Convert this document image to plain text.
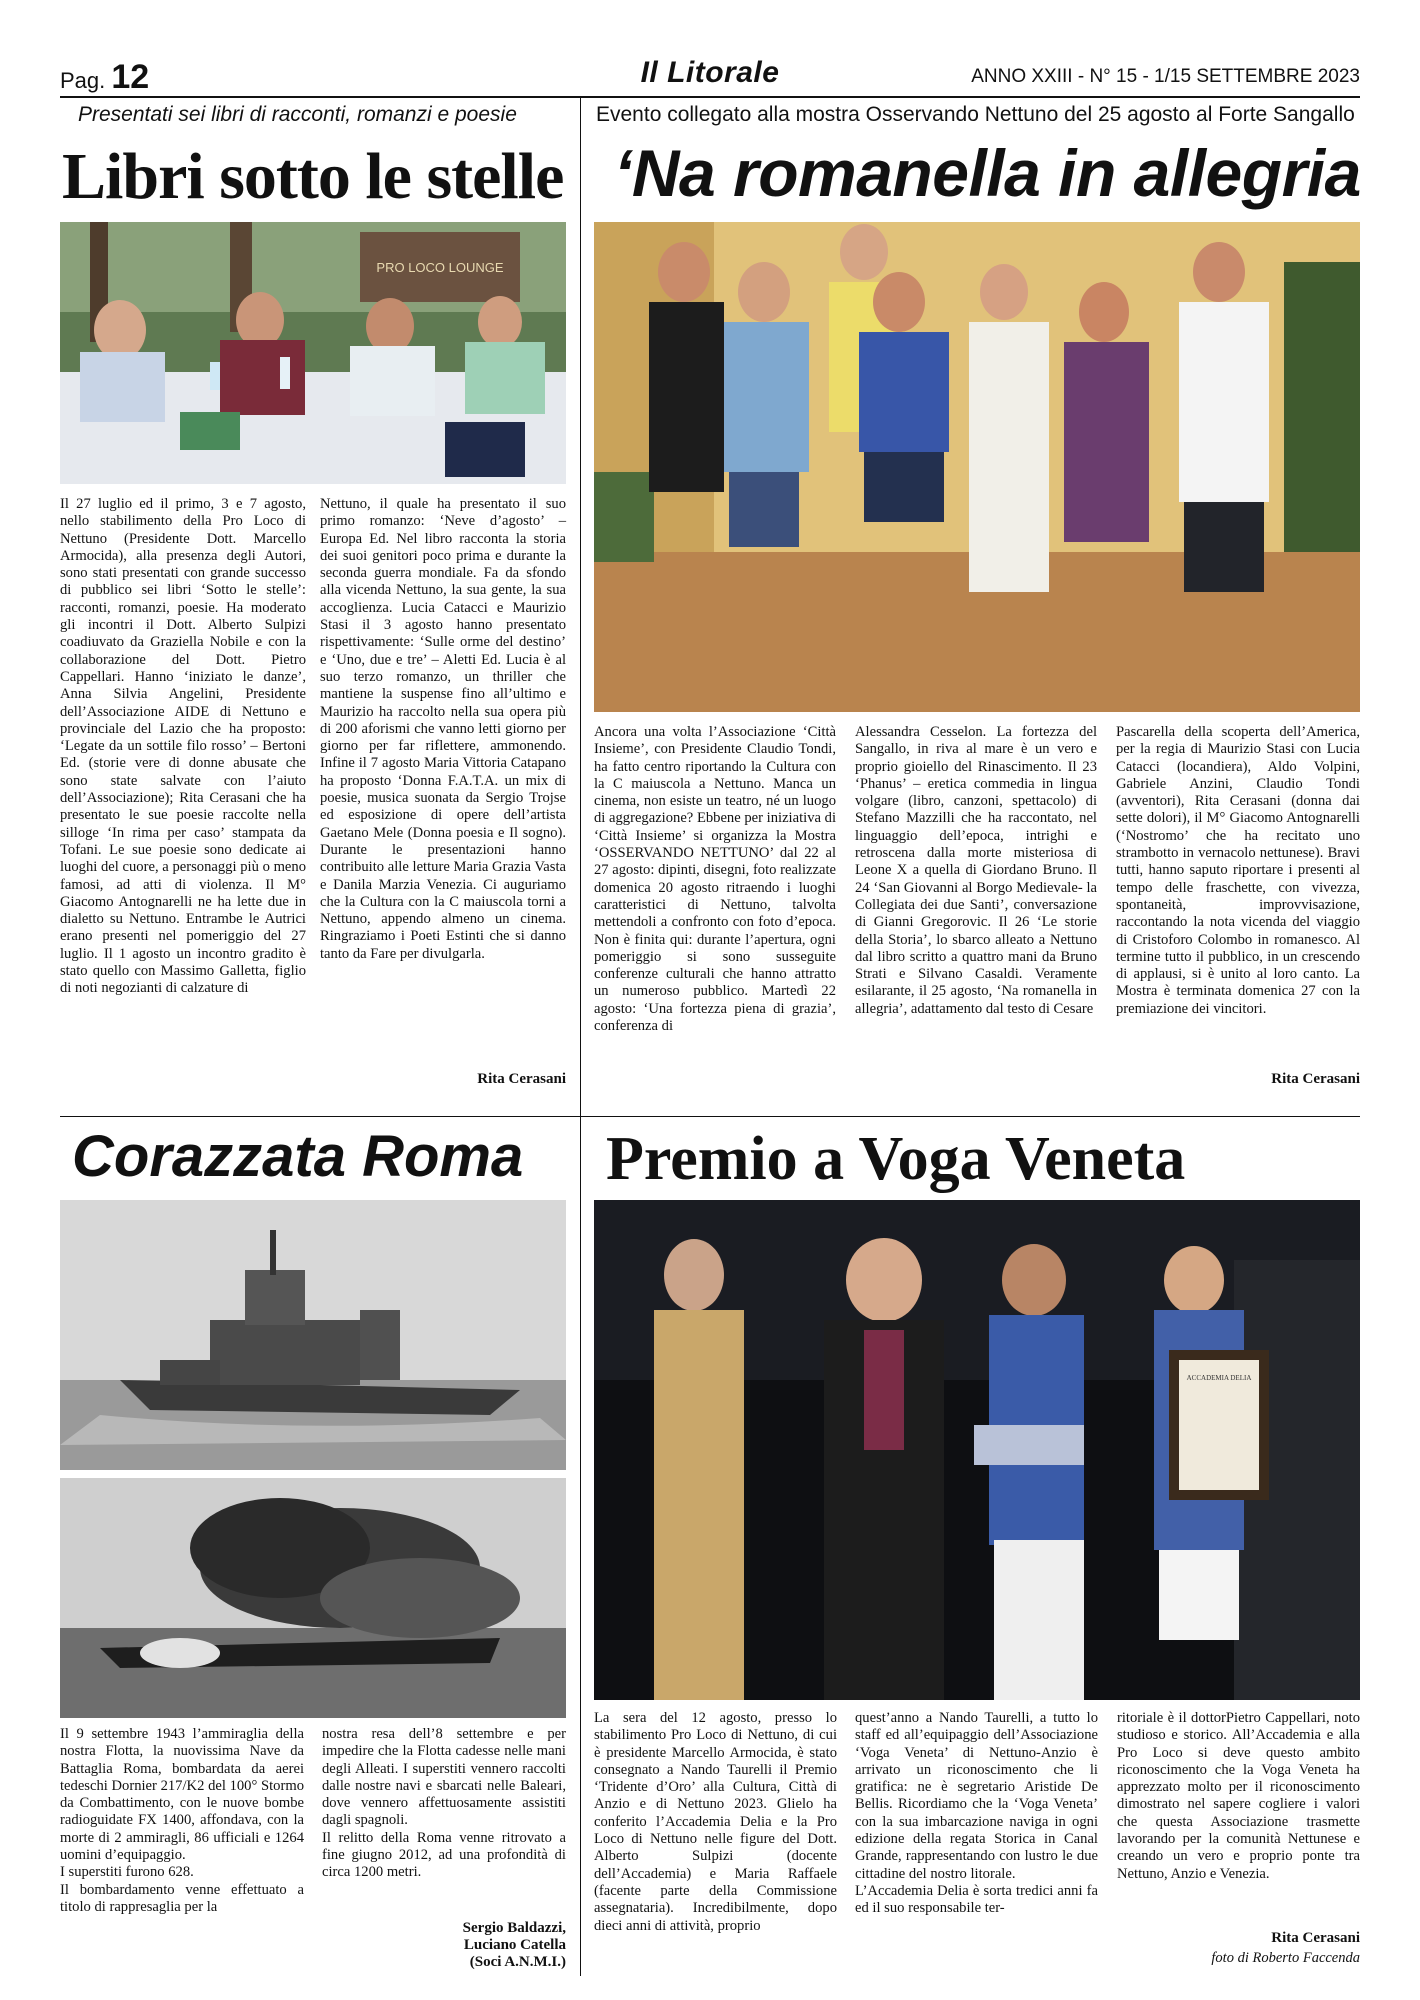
Pag. 12	Il Litorale	ANNO XXIII - N° 15 - 1/15 SETTEMBRE 2023
Presentati sei libri di racconti, romanzi e poesie
Libri sotto le stelle
PRO LOCO LOUNGE

Il 27 luglio ed il primo, 3 e 7 agosto, nello stabilimento della Pro Loco di Nettuno (Presidente Dott. Marcello Armocida), alla presenza degli Autori, sono stati presentati con grande successo di pubblico sei libri ‘Sotto le stelle’: racconti, romanzi, poesie. Ha moderato gli incontri il Dott. Alberto Sulpizi coadiuvato da Graziella Nobile e con la collaborazione del Dott. Pietro Cappellari. Hanno ‘iniziato le danze’, Anna Silvia Angelini, Presidente dell’Associazione AIDE di Nettuno e provinciale del Lazio che ha proposto: ‘Legate da un sottile filo rosso’ – Bertoni Ed. (storie vere di donne abusate che sono state salvate con l’aiuto dell’Associazione); Rita Cerasani che ha presentato le sue poesie raccolte nella silloge ‘In rima per caso’ stampata da Tofani. Le sue poesie sono dedicate ai luoghi del cuore, a personaggi più o meno famosi, ad atti di violenza. Il M° Giacomo Antognarelli ne ha lette due in dialetto su Nettuno. Entrambe le Autrici erano presenti nel pomeriggio del 27 luglio. Il 1 agosto un incontro gradito è stato quello con Massimo Galletta, figlio di noti negozianti di calzature di

Nettuno, il quale ha presentato il suo primo romanzo: ‘Neve d’agosto’ – Europa Ed. Nel libro racconta la storia dei suoi genitori poco prima e durante la seconda guerra mondiale. Fa da sfondo alla vicenda Nettuno, la sua gente, la sua accoglienza. Lucia Catacci e Maurizio Stasi il 3 agosto hanno presentato rispettivamente: ‘Sulle orme del destino’ e ‘Uno, due e tre’ – Aletti Ed. Lucia è al suo terzo romanzo, un thriller che mantiene la suspense fino all’ultimo e Maurizio ha raccolto nella sua opera più di 200 aforismi che vanno letti giorno per giorno per far riflettere, ammonendo. Infine il 7 agosto Maria Vittoria Catapano ha proposto ‘Donna F.A.T.A. un mix di poesie, musica suonata da Sergio Trojse ed esposizione di opere dell’artista Gaetano Mele (Donna poesia e Il sogno). Durante le presentazioni hanno contribuito alle letture Maria Grazia Vasta e Danila Marzia Venezia. Ci auguriamo che la Cultura con la C maiuscola torni a Nettuno, appendo almeno un cinema. Ringraziamo i Poeti Estinti che si danno tanto da Fare per divulgarla.

Rita Cerasani
Evento collegato alla mostra Osservando Nettuno del 25 agosto al Forte Sangallo
‘Na romanella in allegria

Ancora una volta l’Associazione ‘Città Insieme’, con Presidente Claudio Tondi, ha fatto centro riportando la Cultura con la C maiuscola a Nettuno. Manca un cinema, non esiste un teatro, né un luogo di aggregazione? Ebbene per iniziativa di ‘Città Insieme’ si organizza la Mostra ‘OSSERVANDO NETTUNO’ dal 22 al 27 agosto: dipinti, disegni, foto realizzate domenica 20 agosto ritraendo i luoghi caratteristici di Nettuno, talvolta mettendoli a confronto con foto d’epoca. Non è finita qui: durante l’apertura, ogni pomeriggio si sono susseguite conferenze culturali che hanno attratto un numeroso pubblico. Martedì 22 agosto: ‘Una fortezza piena di grazia’, conferenza di

Alessandra Cesselon. La fortezza del Sangallo, in riva al mare è un vero e proprio gioiello del Rinascimento. Il 23 ‘Phanus’ – eretica commedia in lingua volgare (libro, canzoni, spettacolo) di Stefano Mazzilli che ha raccontato, nel linguaggio dell’epoca, intrighi e retroscena dalla morte misteriosa di Leone X a quella di Giordano Bruno. Il 24 ‘San Giovanni al Borgo Medievale- la Collegiata dei due Santi’, conversazione di Gianni Gregorovic. Il 26 ‘Le storie della Storia’, lo sbarco alleato a Nettuno dal libro scritto a quattro mani da Bruno Strati e Silvano Casaldi. Veramente esilarante, il 25 agosto, ‘Na romanella in allegria’, adattamento dal testo di Cesare

Pascarella della scoperta dell’America, per la regia di Maurizio Stasi con Lucia Catacci (locandiera), Aldo Volpini, Gabriele Anzini, Claudio Tondi (avventori), Rita Cerasani (donna dai sette dolori), il M° Giacomo Antognarelli (‘Nostromo’ che ha recitato uno strambotto in vernacolo nettunese). Bravi tutti, hanno saputo riportare i presenti al tempo delle fraschette, con vivezza, spontaneità, improvvisazione, raccontando la nota vicenda del viaggio di Cristoforo Colombo in romanesco. Al termine tutto il pubblico, in un crescendo di applausi, si è unito al loro canto. La Mostra è terminata domenica 27 con la premiazione dei vincitori.

Rita Cerasani
Corazzata Roma

Il 9 settembre 1943 l’ammiraglia della nostra Flotta, la nuovissima Nave da Battaglia Roma, bombardata da aerei tedeschi Dornier 217/K2 del 100° Stormo da Combattimento, con le nuove bombe radioguidate FX 1400, affondava, con la morte di 2 ammiragli, 86 ufficiali e 1264 uomini d’equipaggio.

I superstiti furono 628.

Il bombardamento venne effettuato a titolo di rappresaglia per la

nostra resa dell’8 settembre e per impedire che la Flotta cadesse nelle mani degli Alleati. I superstiti vennero raccolti dalle nostre navi e sbarcati nelle Baleari, dove vennero affettuosamente assistiti dagli spagnoli.

Il relitto della Roma venne ritrovato a fine giugno 2012, ad una profondità di circa 1200 metri.

Sergio Baldazzi,
Luciano Catella
(Soci A.N.M.I.)
Premio a Voga Veneta
ACCADEMIA DELIA

La sera del 12 agosto, presso lo stabilimento Pro Loco di Nettuno, di cui è presidente Marcello Armocida, è stato consegnato a Nando Taurelli il Premio ‘Tridente d’Oro’ alla Cultura, Città di Anzio e di Nettuno 2023. Glielo ha conferito l’Accademia Delia e la Pro Loco di Nettuno nelle figure del Dott. Alberto Sulpizi (docente dell’Accademia) e Maria Raffaele (facente parte della Commissione assegnataria). Incredibilmente, dopo dieci anni di attività, proprio

quest’anno a Nando Taurelli, a tutto lo staff ed all’equipaggio dell’Associazione ‘Voga Veneta’ di Nettuno-Anzio è arrivato un riconoscimento che li gratifica: ne è segretario Aristide De Bellis. Ricordiamo che la ‘Voga Veneta’ con la sua imbarcazione naviga in ogni edizione della regata Storica in Canal Grande, rappresentando con lustro le due cittadine del nostro litorale.

L’Accademia Delia è sorta tredici anni fa ed il suo responsabile ter-

ritoriale è il dottorPietro Cappellari, noto studioso e storico. All’Accademia e alla Pro Loco si deve questo ambito riconoscimento che la Voga Veneta ha apprezzato molto per il riconoscimento dimostrato nel sapere cogliere i valori che questa Associazione trasmette lavorando per la comunità Nettunese e creando un vero e proprio ponte tra Nettuno, Anzio e Venezia.

Rita Cerasani
foto di Roberto Faccenda
